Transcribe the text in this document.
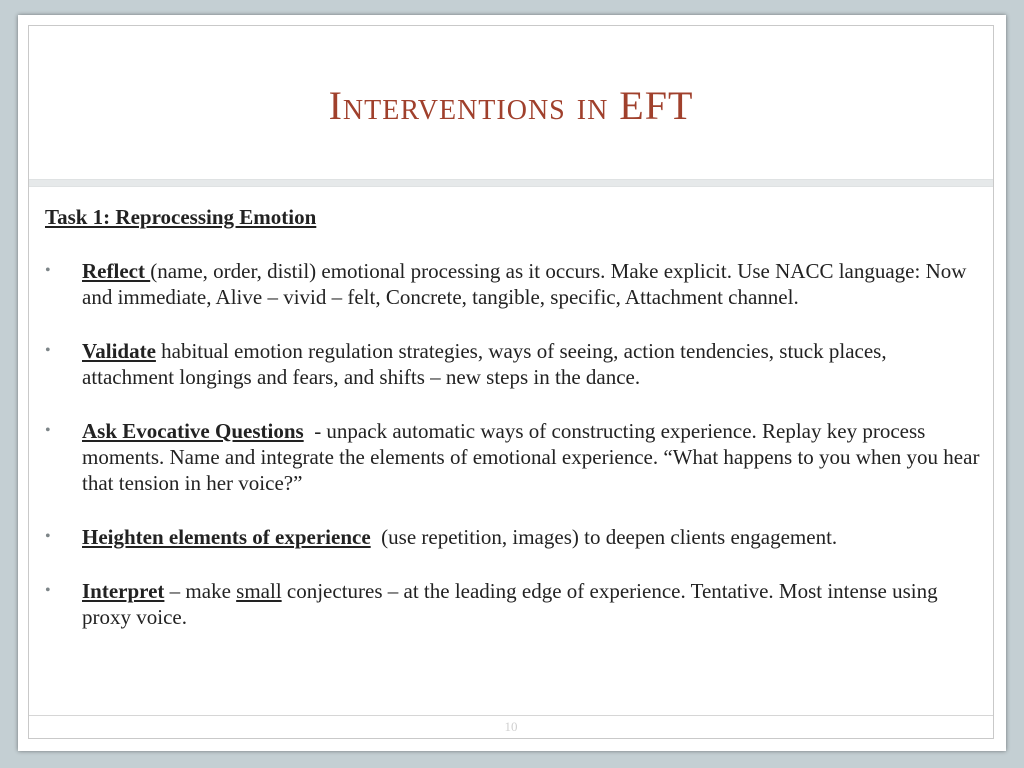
Interventions in EFT
Task 1: Reprocessing Emotion
• Reflect (name, order, distil) emotional processing as it occurs. Make explicit. Use NACC language: Now and immediate, Alive – vivid – felt, Concrete, tangible, specific, Attachment channel.
• Validate habitual emotion regulation strategies, ways of seeing, action tendencies, stuck places, attachment longings and fears, and shifts – new steps in the dance.
• Ask Evocative Questions  - unpack automatic ways of constructing experience. Replay key process moments. Name and integrate the elements of emotional experience. “What happens to you when you hear that tension in her voice?”
• Heighten elements of experience  (use repetition, images) to deepen clients engagement.
• Interpret – make small conjectures – at the leading edge of experience. Tentative. Most intense using proxy voice.
10
